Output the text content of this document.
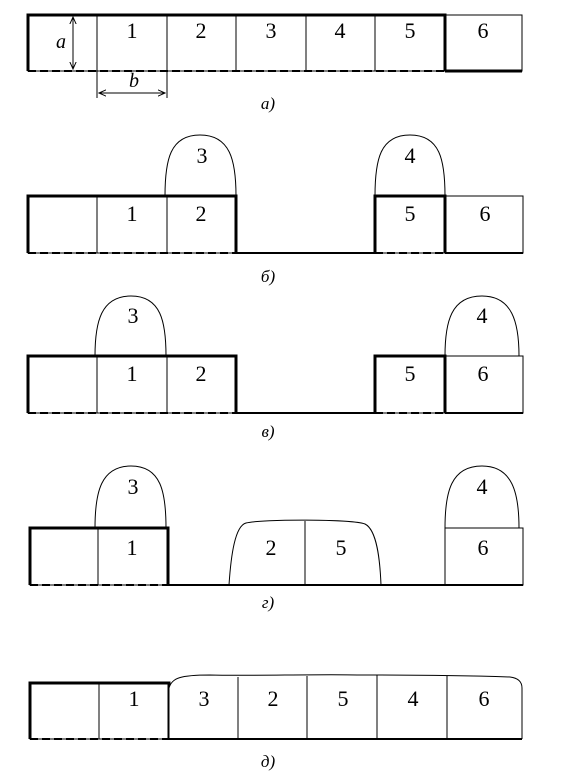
1	2	3	4	5	6
a
b
а)
3	4
1	2	5	6
б)
3	4
1	2	5	6
в)
3	4
2	5	6
1
г)
1	3	2	5	4	6
д)
